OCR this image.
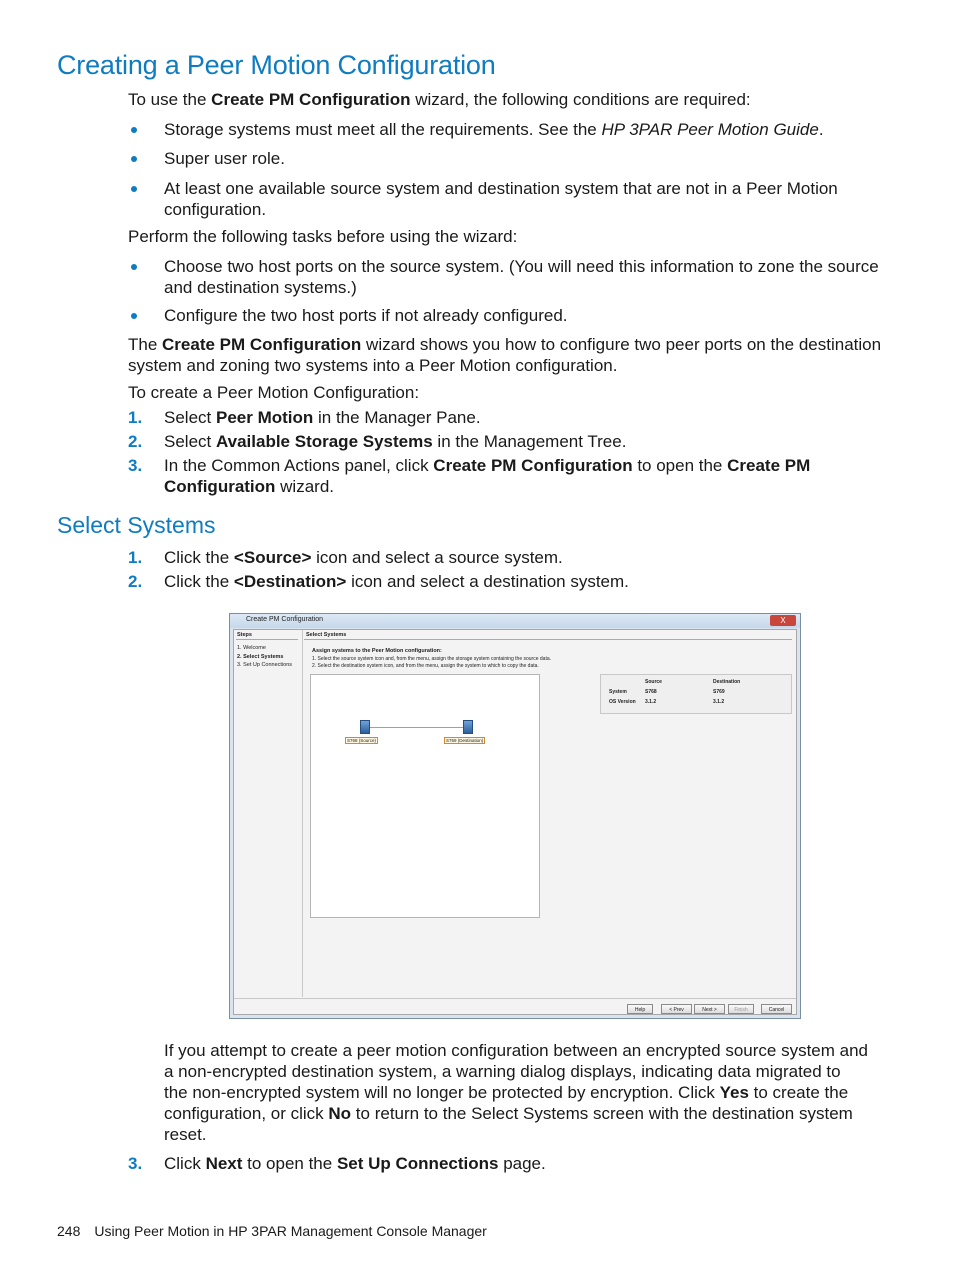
Creating a Peer Motion Configuration
To use the Create PM Configuration wizard, the following conditions are required:
Storage systems must meet all the requirements. See the HP 3PAR Peer Motion Guide.
Super user role.
At least one available source system and destination system that are not in a Peer Motion
configuration.
Perform the following tasks before using the wizard:
Choose two host ports on the source system. (You will need this information to zone the source
and destination systems.)
Configure the two host ports if not already configured.
The Create PM Configuration wizard shows you how to configure two peer ports on the destination
system and zoning two systems into a Peer Motion configuration.
To create a Peer Motion Configuration:
1. Select Peer Motion in the Manager Pane.
2. Select Available Storage Systems in the Management Tree.
3. In the Common Actions panel, click Create PM Configuration to open the Create PM
Configuration wizard.
Select Systems
1. Click the <Source> icon and select a source system.
2. Click the <Destination> icon and select a destination system.
Create PM Configuration	X
Steps
1. Welcome
2. Select Systems
3. Set Up Connections
Select Systems
Assign systems to the Peer Motion configuration:
1. Select the source system icon and, from the menu, assign the storage system containing the source data.
2. Select the destination system icon, and from the menu, assign the system to which to copy the data.
S768 (Source)	S769 (Destination)
Source	Destination
System	S768	S769
OS Version 3.1.2	3.1.2
Help	< Prev	Next >	Finish	Cancel
If you attempt to create a peer motion configuration between an encrypted source system and
a non-encrypted destination system, a warning dialog displays, indicating data migrated to
the non-encrypted system will no longer be protected by encryption. Click Yes to create the
configuration, or click No to return to the Select Systems screen with the destination system
reset.
3. Click Next to open the Set Up Connections page.
248 Using Peer Motion in HP 3PAR Management Console Manager
